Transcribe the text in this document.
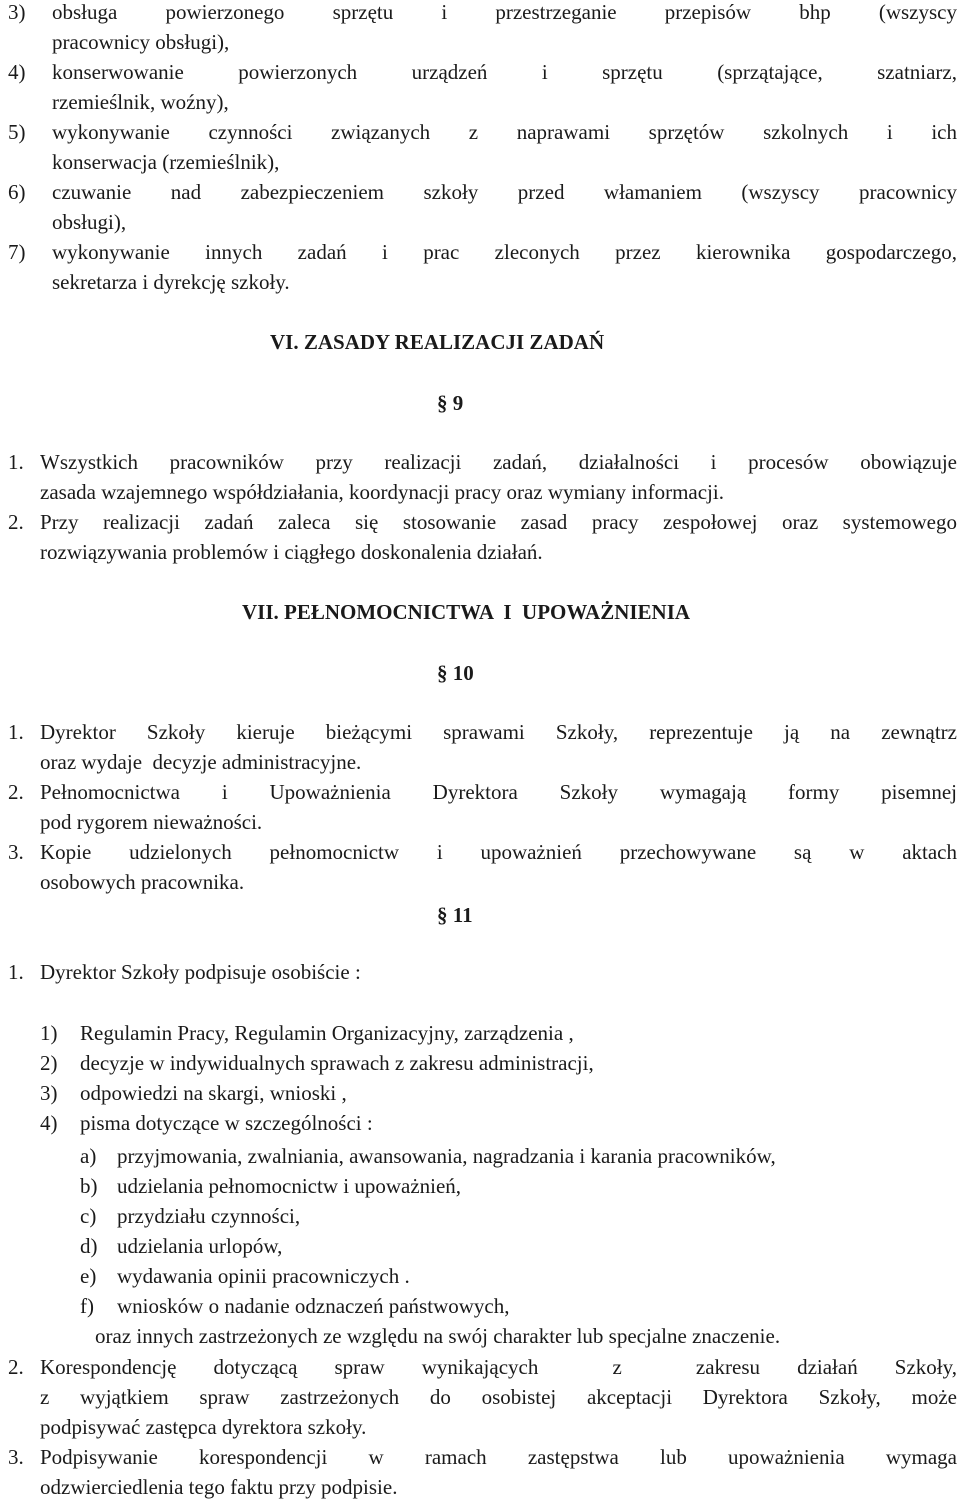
3) obsługa powierzonego sprzętu i przestrzeganie przepisów bhp (wszyscy
pracownicy obsługi),
4) konserwowanie powierzonych urządzeń i sprzętu (sprzątające, szatniarz,
rzemieślnik, woźny),
5) wykonywanie czynności związanych z naprawami sprzętów szkolnych i ich
konserwacja (rzemieślnik),
6) czuwanie nad zabezpieczeniem szkoły przed włamaniem (wszyscy pracownicy
obsługi),
7) wykonywanie innych zadań i prac zleconych przez kierownika gospodarczego,
sekretarza i dyrekcję szkoły.
VI. ZASADY REALIZACJI ZADAŃ
§ 9
1. Wszystkich pracowników przy realizacji zadań, działalności i procesów obowiązuje
zasada wzajemnego współdziałania, koordynacji pracy oraz wymiany informacji.
2. Przy realizacji zadań zaleca się stosowanie zasad pracy zespołowej oraz systemowego
rozwiązywania problemów i ciągłego doskonalenia działań.
VII. PEŁNOMOCNICTWA  I  UPOWAŻNIENIA
§ 10
1. Dyrektor Szkoły kieruje bieżącymi sprawami Szkoły, reprezentuje ją na zewnątrz
oraz wydaje  decyzje administracyjne.
2. Pełnomocnictwa i Upoważnienia Dyrektora Szkoły wymagają formy pisemnej
pod rygorem nieważności.
3. Kopie udzielonych pełnomocnictw i upoważnień przechowywane są w aktach
osobowych pracownika.
§ 11
1. Dyrektor Szkoły podpisuje osobiście :
1) Regulamin Pracy, Regulamin Organizacyjny, zarządzenia ,
2) decyzje w indywidualnych sprawach z zakresu administracji,
3) odpowiedzi na skargi, wnioski ,
4) pisma dotyczące w szczególności :
a) przyjmowania, zwalniania, awansowania, nagradzania i karania pracowników,
b) udzielania pełnomocnictw i upoważnień,
c) przydziału czynności,
d) udzielania urlopów,
e) wydawania opinii pracowniczych .
f) wniosków o nadanie odznaczeń państwowych,
oraz innych zastrzeżonych ze względu na swój charakter lub specjalne znaczenie.
2. Korespondencję dotyczącą spraw wynikających  z  zakresu działań Szkoły,
z wyjątkiem spraw zastrzeżonych do osobistej akceptacji Dyrektora Szkoły, może
podpisywać zastępca dyrektora szkoły.
3. Podpisywanie korespondencji w ramach zastępstwa lub upoważnienia wymaga
odzwierciedlenia tego faktu przy podpisie.
